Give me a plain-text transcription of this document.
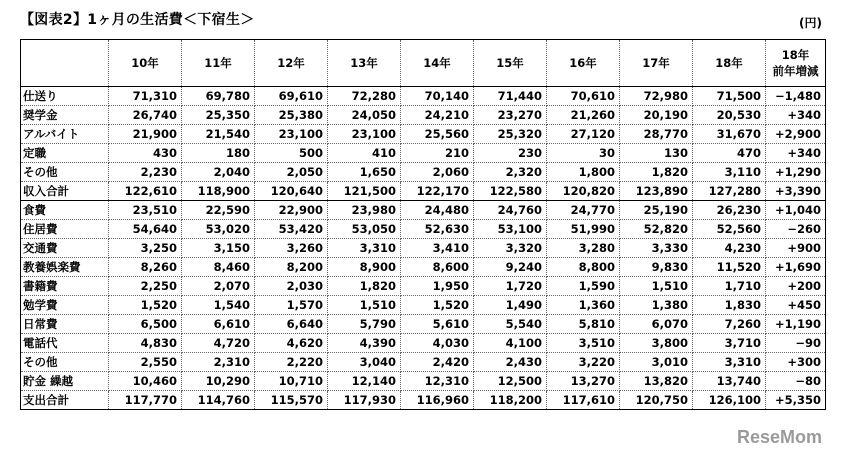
【図表2】1ヶ月の生活費＜下宿生＞	(円)
	10年	11年	12年	13年	14年	15年	16年	17年	18年	18年
前年増減

仕送り	71,310	69,780	69,610	72,280	70,140	71,440	70,610	72,980	71,500	−1,480
奨学金	26,740	25,350	25,380	24,050	24,210	23,270	21,260	20,190	20,530	+340
アルバイト	21,900	21,540	23,100	23,100	25,560	25,320	27,120	28,770	31,670	+2,900
定職	430	180	500	410	210	230	30	130	470	+340
その他	2,230	2,040	2,050	1,650	2,060	2,320	1,800	1,820	3,110	+1,290
収入合計	122,610	118,900	120,640	121,500	122,170	122,580	120,820	123,890	127,280	+3,390
食費	23,510	22,590	22,900	23,980	24,480	24,760	24,770	25,190	26,230	+1,040
住居費	54,640	53,020	53,420	53,050	52,630	53,100	51,990	52,820	52,560	−260
交通費	3,250	3,150	3,260	3,310	3,410	3,320	3,280	3,330	4,230	+900
教養娯楽費	8,260	8,460	8,200	8,900	8,600	9,240	8,800	9,830	11,520	+1,690
書籍費	2,250	2,070	2,030	1,820	1,950	1,720	1,590	1,510	1,710	+200
勉学費	1,520	1,540	1,570	1,510	1,520	1,490	1,360	1,380	1,830	+450
日常費	6,500	6,610	6,640	5,790	5,610	5,540	5,810	6,070	7,260	+1,190
電話代	4,830	4,720	4,620	4,390	4,030	4,100	3,510	3,800	3,710	−90
その他	2,550	2,310	2,220	3,040	2,420	2,430	3,220	3,010	3,310	+300
貯金 繰越	10,460	10,290	10,710	12,140	12,310	12,500	13,270	13,820	13,740	−80
支出合計	117,770	114,760	115,570	117,930	116,960	118,200	117,610	120,750	126,100	+5,350
ReseMom
